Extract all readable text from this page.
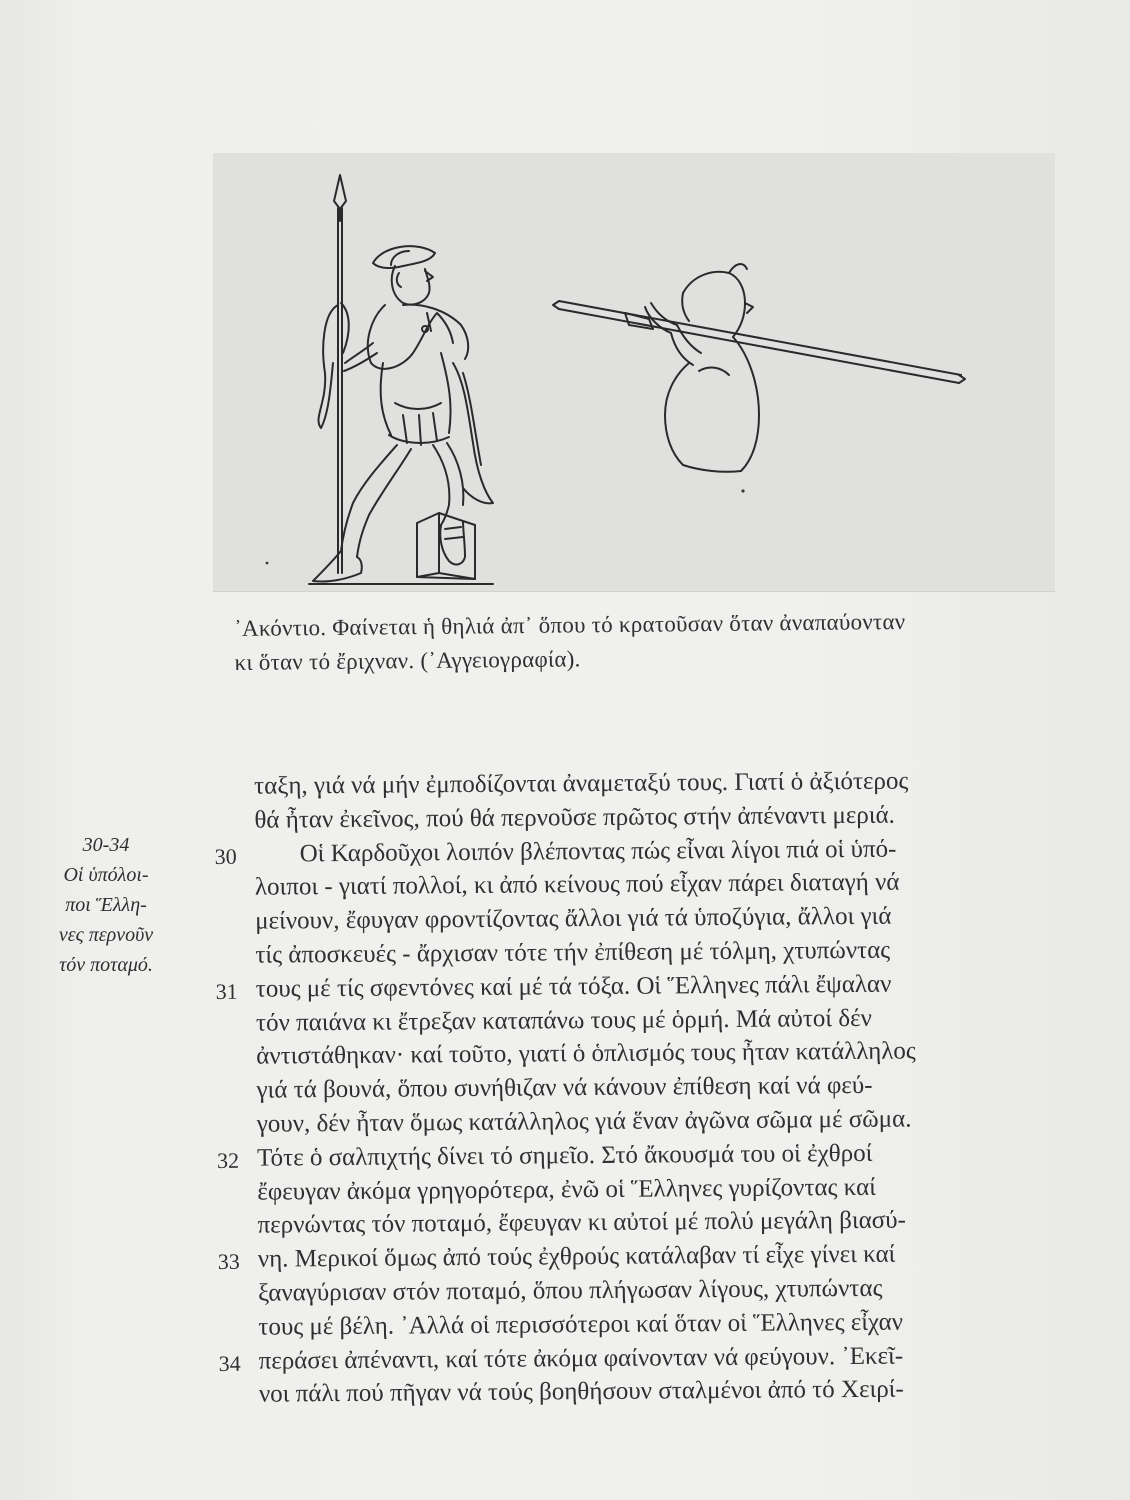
᾿Ακόντιο. Φαίνεται ἡ θηλιά ἀπ᾿ ὅπου τό κρατοῦσαν ὅταν ἀναπαύονταν
κι ὅταν τό ἔριχναν. (᾿Αγγειογραφία).
30-34
Οἱ ὑπόλοι-
ποι Ἕλλη-
νες περνοῦν
τόν ποταμό.
ταξη, γιά νά μήν ἐμποδίζονται ἀναμεταξύ τους. Γιατί ὁ ἀξιότερος
θά ἦταν ἐκεῖνος, πού θά περνοῦσε πρῶτος στήν ἀπέναντι μεριά.
30	Οἱ Καρδοῦχοι λοιπόν βλέποντας πώς εἶναι λίγοι πιά οἱ ὑπό-
λοιποι - γιατί πολλοί, κι ἀπό κείνους πού εἶχαν πάρει διαταγή νά
μείνουν, ἔφυγαν φροντίζοντας ἄλλοι γιά τά ὑποζύγια, ἄλλοι γιά
τίς ἀποσκευές - ἄρχισαν τότε τήν ἐπίθεση μέ τόλμη, χτυπώντας
31 τους μέ τίς σφεντόνες καί μέ τά τόξα. Οἱ Ἕλληνες πάλι ἔψαλαν
τόν παιάνα κι ἔτρεξαν καταπάνω τους μέ ὁρμή. Μά αὐτοί δέν
ἀντιστάθηκαν· καί τοῦτο, γιατί ὁ ὁπλισμός τους ἦταν κατάλληλος
γιά τά βουνά, ὅπου συνήθιζαν νά κάνουν ἐπίθεση καί νά φεύ-
γουν, δέν ἦταν ὅμως κατάλληλος γιά ἕναν ἀγῶνα σῶμα μέ σῶμα.
32 Τότε ὁ σαλπιχτής δίνει τό σημεῖο. Στό ἄκουσμά του οἱ ἐχθροί
ἔφευγαν ἀκόμα γρηγορότερα, ἐνῶ οἱ Ἕλληνες γυρίζοντας καί
περνώντας τόν ποταμό, ἔφευγαν κι αὐτοί μέ πολύ μεγάλη βιασύ-
33 νη. Μερικοί ὅμως ἀπό τούς ἐχθρούς κατάλαβαν τί εἶχε γίνει καί
ξαναγύρισαν στόν ποταμό, ὅπου πλήγωσαν λίγους, χτυπώντας
τους μέ βέλη. ᾿Αλλά οἱ περισσότεροι καί ὅταν οἱ Ἕλληνες εἶχαν
34 περάσει ἀπέναντι, καί τότε ἀκόμα φαίνονταν νά φεύγουν. ᾿Εκεῖ-
νοι πάλι πού πῆγαν νά τούς βοηθήσουν σταλμένοι ἀπό τό Χειρί-
